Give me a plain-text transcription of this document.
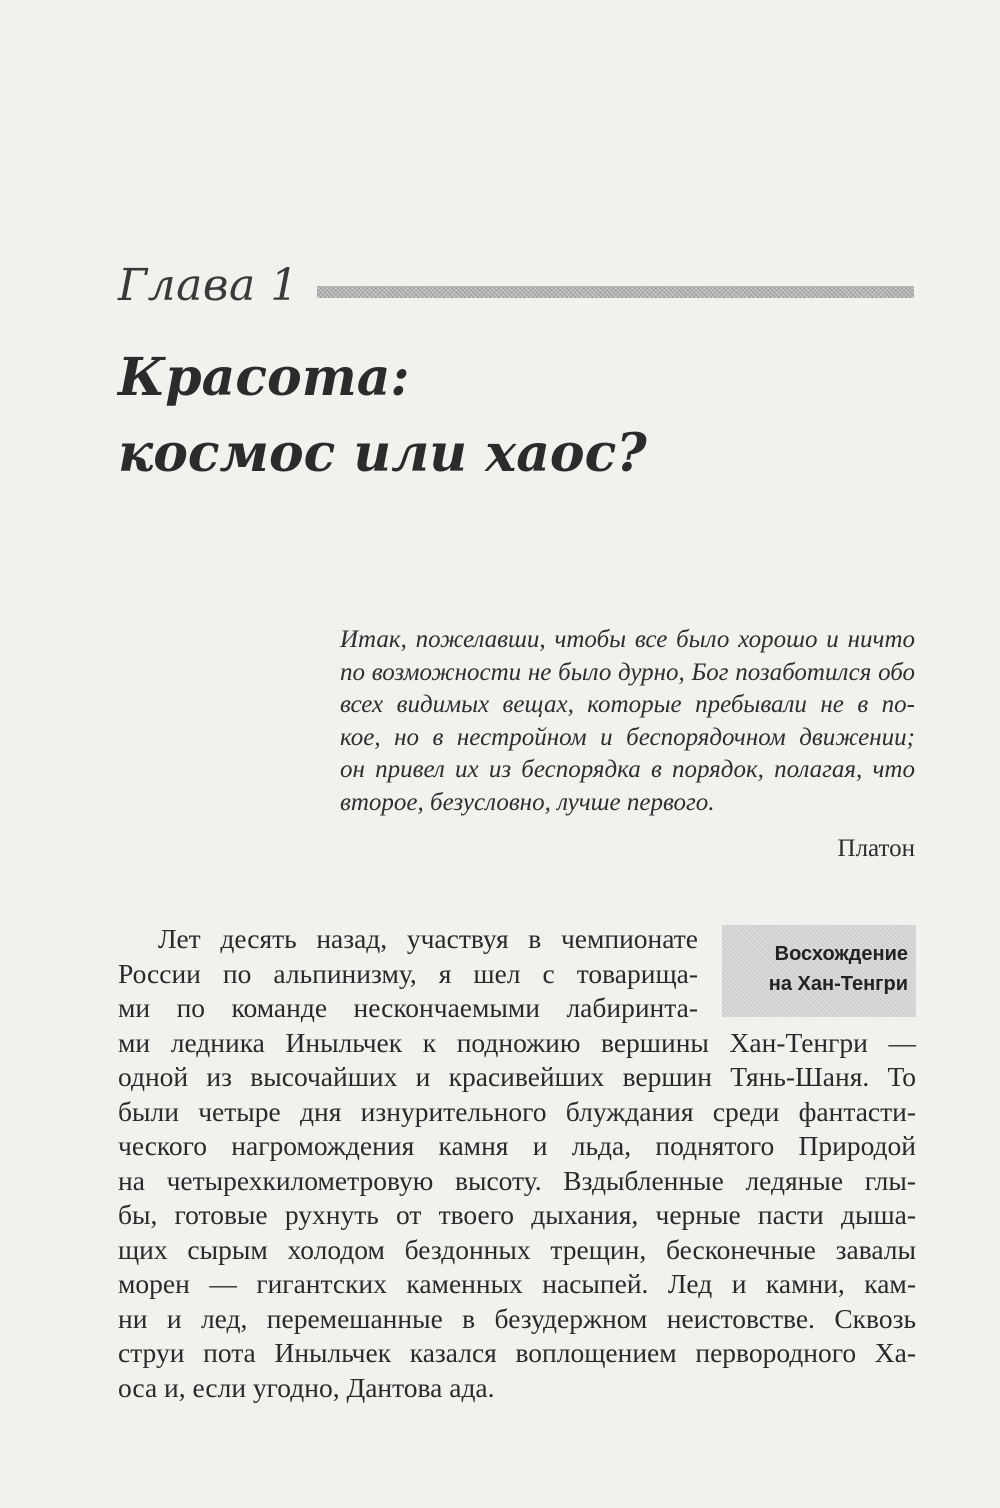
Глава 1
Красота:
космос или хаос?
Итак, пожелавши, чтобы все было хорошо и ничто
по возможности не было дурно, Бог позаботился обо
всех видимых вещах, которые пребывали не в по-
кое, но в нестройном и беспорядочном движении;
он привел их из беспорядка в порядок, полагая, что
второе, безусловно, лучше первого.
Платон
Восхождение
на Хан-Тенгри
Лет десять назад, участвуя в чемпионате
России по альпинизму, я шел с товарища-
ми по команде нескончаемыми лабиринта-
ми ледника Иныльчек к подножию вершины Хан-Тенгри —
одной из высочайших и красивейших вершин Тянь-Шаня. То
были четыре дня изнурительного блуждания среди фантасти-
ческого нагромождения камня и льда, поднятого Природой
на четырехкилометровую высоту. Вздыбленные ледяные глы-
бы, готовые рухнуть от твоего дыхания, черные пасти дыша-
щих сырым холодом бездонных трещин, бесконечные завалы
морен — гигантских каменных насыпей. Лед и камни, кам-
ни и лед, перемешанные в безудержном неистовстве. Сквозь
струи пота Иныльчек казался воплощением первородного Ха-
оса и, если угодно, Дантова ада.
